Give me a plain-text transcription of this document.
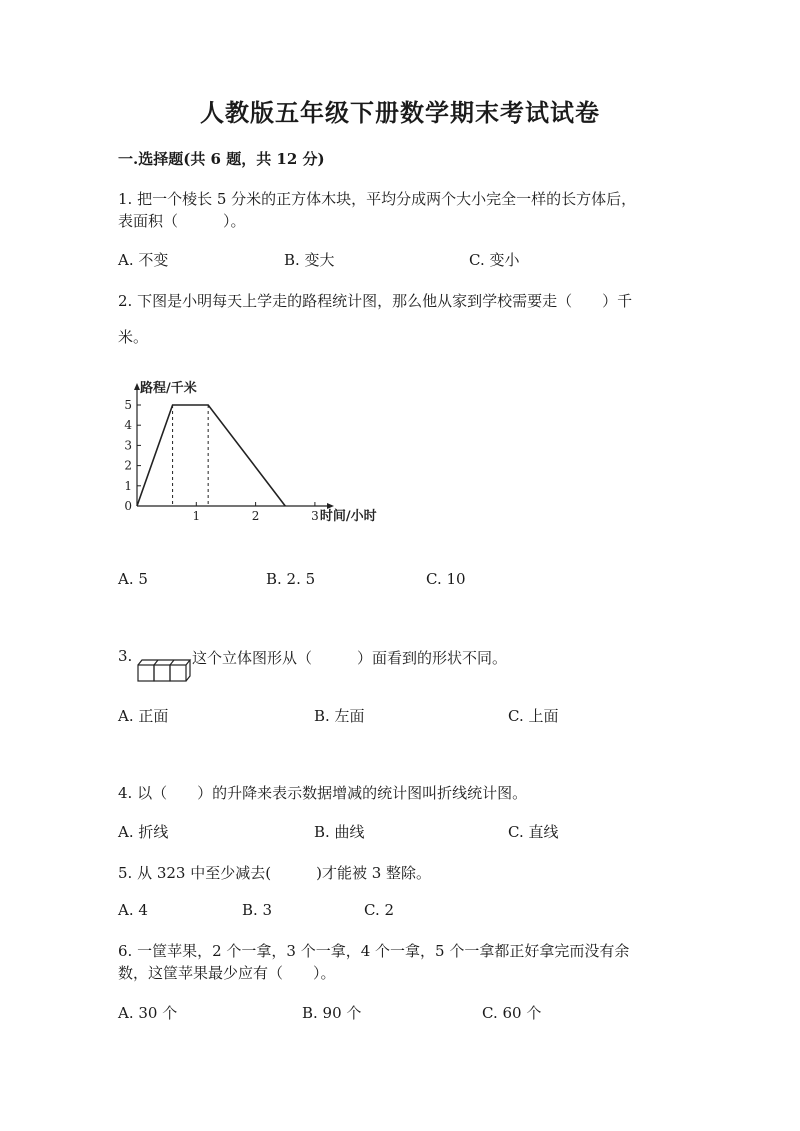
人教版五年级下册数学期末考试试卷
一.选择题(共 6 题，共 12 分)
1. 把一个棱长 5 分米的正方体木块，平均分成两个大小完全一样的长方体后，
表面积（　　　）。
A. 不变	B. 变大	C. 变小
2. 下图是小明每天上学走的路程统计图，那么他从家到学校需要走（　　）千
米。
0
1
2
3
4
5
1	2	3
路程/千米
时间/小时
A. 5	B. 2. 5	C. 10
3.	这个立体图形从（　　　）面看到的形状不同。
A. 正面	B. 左面	C. 上面
4. 以（　　）的升降来表示数据增减的统计图叫折线统计图。
A. 折线	B. 曲线	C. 直线
5. 从 323 中至少减去(　　　)才能被 3 整除。
A. 4	B. 3	C. 2
6. 一筐苹果，2 个一拿，3 个一拿，4 个一拿，5 个一拿都正好拿完而没有余
数，这筐苹果最少应有（　　）。
A. 30 个	B. 90 个	C. 60 个
